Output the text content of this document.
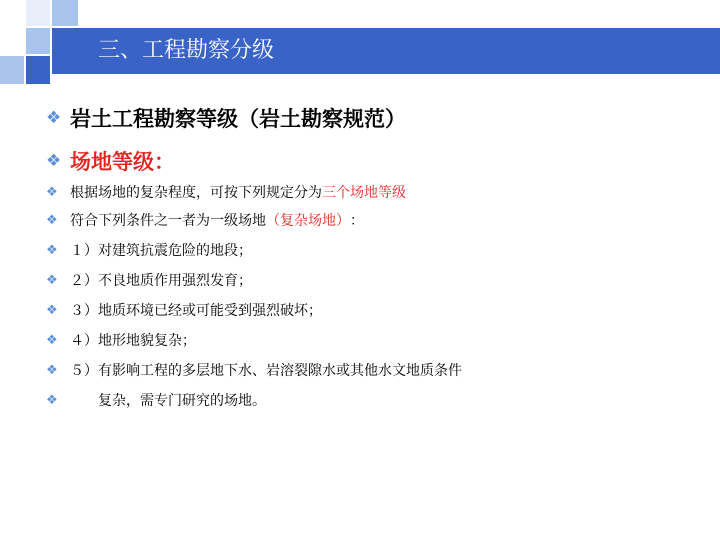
三、工程勘察分级
❖ 岩土工程勘察等级（岩土勘察规范）
❖ 场地等级：
❖ 根据场地的复杂程度，可按下列规定分为 三个场地等级
❖ 符合下列条件之一者为一级场地 （复杂场地） ：
❖ １）对建筑抗震危险的地段；
❖ ２）不良地质作用强烈发育；
❖ ３）地质环境已经或可能受到强烈破坏；
❖ ４）地形地貌复杂；
❖ ５）有影响工程的多层地下水、岩溶裂隙水或其他水文地质条件
❖ 　　复杂，需专门研究的场地。
